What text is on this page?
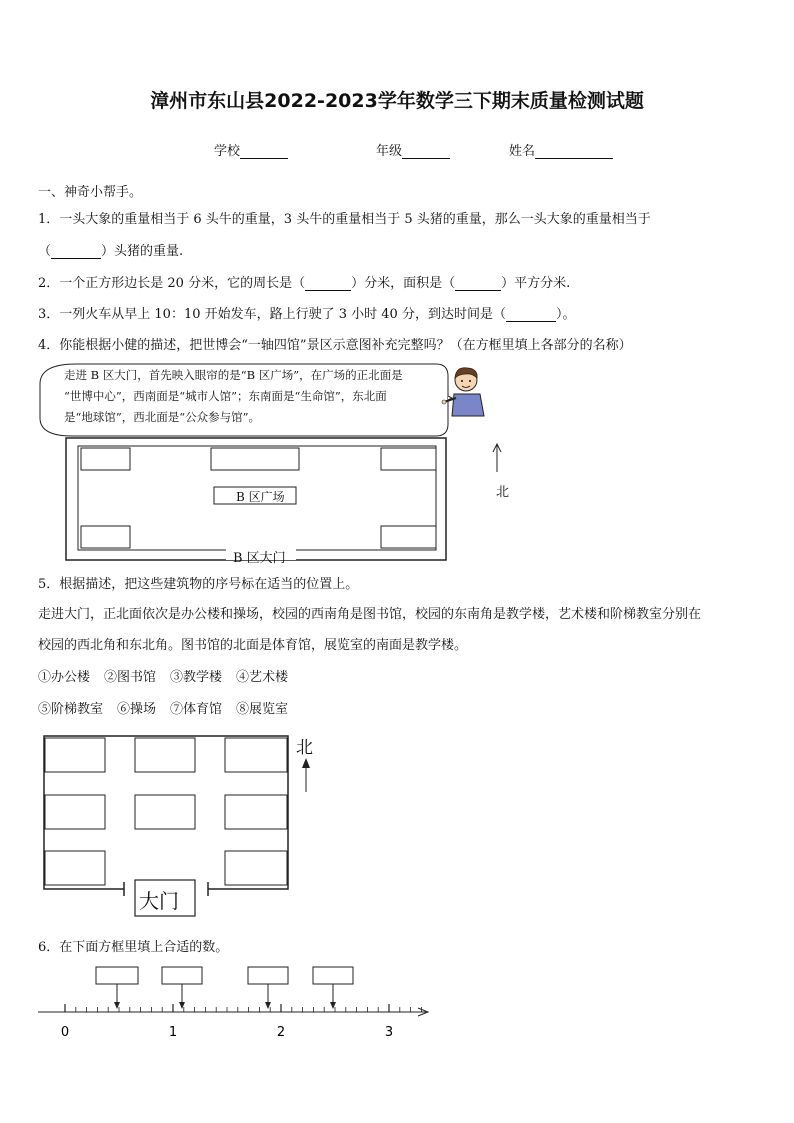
漳州市东山县2022-2023学年数学三下期末质量检测试题
学校	年级	姓名
一、神奇小帮手。
1．一头大象的重量相当于 6 头牛的重量，3 头牛的重量相当于 5 头猪的重量，那么一头大象的重量相当于
（	）头猪的重量.
2．一个正方形边长是 20 分米，它的周长是（	）分米，面积是（	）平方分米.
3．一列火车从早上 10：10 开始发车，路上行驶了 3 小时 40 分，到达时间是（	）。
4．你能根据小健的描述，把世博会“一轴四馆”景区示意图补充完整吗？（在方框里填上各部分的名称）
走进 B 区大门，首先映入眼帘的是“B 区广场”，在广场的正北面是
“世博中心”，西南面是“城市人馆”；东南面是“生命馆”，东北面
是“地球馆”，西北面是“公众参与馆”。
B 区广场
B 区大门
北
5．根据描述，把这些建筑物的序号标在适当的位置上。
走进大门，正北面依次是办公楼和操场，校园的西南角是图书馆，校园的东南角是教学楼，艺术楼和阶梯教室分别在
校园的西北角和东北角。图书馆的北面是体育馆，展览室的南面是教学楼。
①办公楼 ②图书馆 ③教学楼 ④艺术楼
⑤阶梯教室 ⑥操场 ⑦体育馆 ⑧展览室
大门
北
6．在下面方框里填上合适的数。
0	1	2	3
